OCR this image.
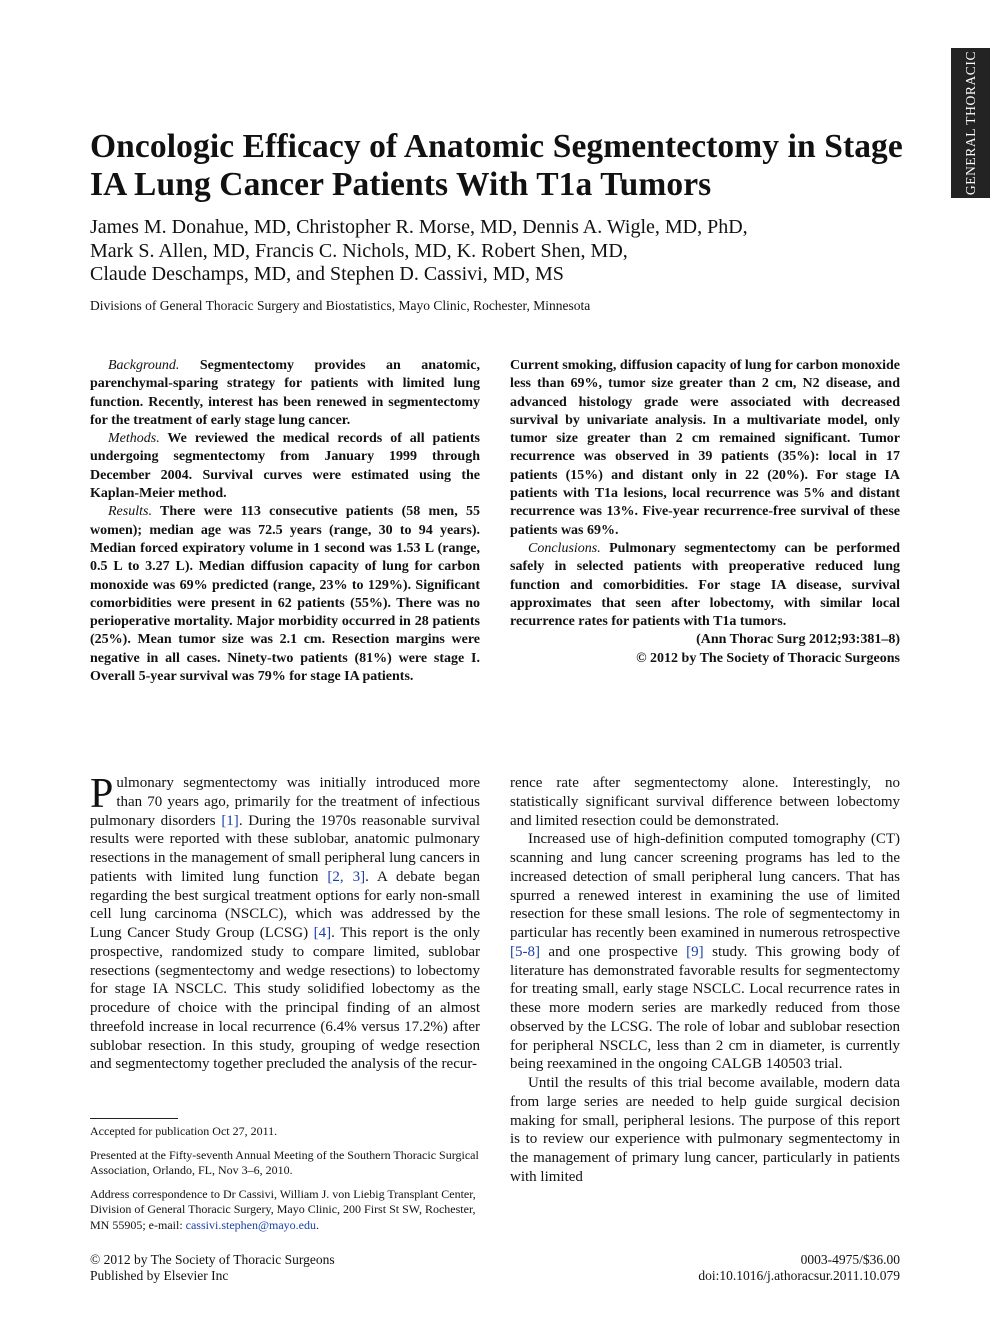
GENERAL THORACIC
Oncologic Efficacy of Anatomic Segmentectomy in Stage IA Lung Cancer Patients With T1a Tumors
James M. Donahue, MD, Christopher R. Morse, MD, Dennis A. Wigle, MD, PhD,
Mark S. Allen, MD, Francis C. Nichols, MD, K. Robert Shen, MD,
Claude Deschamps, MD, and Stephen D. Cassivi, MD, MS
Divisions of General Thoracic Surgery and Biostatistics, Mayo Clinic, Rochester, Minnesota

Background. Segmentectomy provides an anatomic, parenchymal-sparing strategy for patients with limited lung function. Recently, interest has been renewed in segmentectomy for the treatment of early stage lung cancer.

Methods. We reviewed the medical records of all patients undergoing segmentectomy from January 1999 through December 2004. Survival curves were estimated using the Kaplan-Meier method.

Results. There were 113 consecutive patients (58 men, 55 women); median age was 72.5 years (range, 30 to 94 years). Median forced expiratory volume in 1 second was 1.53 L (range, 0.5 L to 3.27 L). Median diffusion capacity of lung for carbon monoxide was 69% predicted (range, 23% to 129%). Significant comorbidities were present in 62 patients (55%). There was no perioperative mortality. Major morbidity occurred in 28 patients (25%). Mean tumor size was 2.1 cm. Resection margins were negative in all cases. Ninety-two patients (81%) were stage I. Overall 5-year survival was 79% for stage IA patients.

Current smoking, diffusion capacity of lung for carbon monoxide less than 69%, tumor size greater than 2 cm, N2 disease, and advanced histology grade were associated with decreased survival by univariate analysis. In a multivariate model, only tumor size greater than 2 cm remained significant. Tumor recurrence was observed in 39 patients (35%): local in 17 patients (15%) and distant only in 22 (20%). For stage IA patients with T1a lesions, local recurrence was 5% and distant recurrence was 13%. Five-year recurrence-free survival of these patients was 69%.

Conclusions. Pulmonary segmentectomy can be performed safely in selected patients with preoperative reduced lung function and comorbidities. For stage IA disease, survival approximates that seen after lobectomy, with similar local recurrence rates for patients with T1a tumors.

(Ann Thorac Surg 2012;93:381–8)
© 2012 by The Society of Thoracic Surgeons

Pulmonary segmentectomy was initially introduced more than 70 years ago, primarily for the treatment of infectious pulmonary disorders [1]. During the 1970s reasonable survival results were reported with these sublobar, anatomic pulmonary resections in the management of small peripheral lung cancers in patients with limited lung function [2, 3]. A debate began regarding the best surgical treatment options for early non-small cell lung carcinoma (NSCLC), which was addressed by the Lung Cancer Study Group (LCSG) [4]. This report is the only prospective, randomized study to compare limited, sublobar resections (segmentectomy and wedge resections) to lobectomy for stage IA NSCLC. This study solidified lobectomy as the procedure of choice with the principal finding of an almost threefold increase in local recurrence (6.4% versus 17.2%) after sublobar resection. In this study, grouping of wedge resection and segmentectomy together precluded the analysis of the recur-

Accepted for publication Oct 27, 2011.

Presented at the Fifty-seventh Annual Meeting of the Southern Thoracic Surgical Association, Orlando, FL, Nov 3–6, 2010.

Address correspondence to Dr Cassivi, William J. von Liebig Transplant Center, Division of General Thoracic Surgery, Mayo Clinic, 200 First St SW, Rochester, MN 55905; e-mail: cassivi.stephen@mayo.edu.

rence rate after segmentectomy alone. Interestingly, no statistically significant survival difference between lobectomy and limited resection could be demonstrated.

Increased use of high-definition computed tomography (CT) scanning and lung cancer screening programs has led to the increased detection of small peripheral lung cancers. That has spurred a renewed interest in examining the use of limited resection for these small lesions. The role of segmentectomy in particular has recently been examined in numerous retrospective [5-8] and one prospective [9] study. This growing body of literature has demonstrated favorable results for segmentectomy for treating small, early stage NSCLC. Local recurrence rates in these more modern series are markedly reduced from those observed by the LCSG. The role of lobar and sublobar resection for peripheral NSCLC, less than 2 cm in diameter, is currently being reexamined in the ongoing CALGB 140503 trial.

Until the results of this trial become available, modern data from large series are needed to help guide surgical decision making for small, peripheral lesions. The purpose of this report is to review our experience with pulmonary segmentectomy in the management of primary lung cancer, particularly in patients with limited

© 2012 by The Society of Thoracic Surgeons
Published by Elsevier Inc
0003-4975/$36.00
doi:10.1016/j.athoracsur.2011.10.079
